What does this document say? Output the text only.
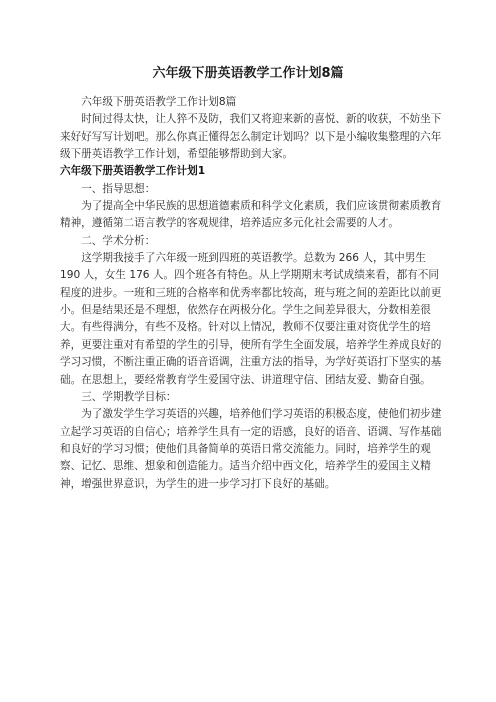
六年级下册英语教学工作计划8篇

六年级下册英语教学工作计划8篇

时间过得太快，让人猝不及防，我们又将迎来新的喜悦、新的收获，不妨坐下来好好写写计划吧。那么你真正懂得怎么制定计划吗？以下是小编收集整理的六年级下册英语教学工作计划，希望能够帮助到大家。

六年级下册英语教学工作计划1

一、指导思想：

为了提高全中华民族的思想道德素质和科学文化素质，我们应该贯彻素质教育精神，遵循第二语言教学的客观规律，培养适应多元化社会需要的人才。

二、学术分析：

这学期我接手了六年级一班到四班的英语教学。总数为 266 人，其中男生 190 人，女生 176 人。四个班各有特色。从上学期期末考试成绩来看，都有不同程度的进步。一班和三班的合格率和优秀率都比较高，班与班之间的差距比以前更小。但是结果还是不理想，依然存在两极分化。学生之间差异很大，分数相差很大。有些得满分，有些不及格。针对以上情况，教师不仅要注重对资优学生的培养，更要注重对有希望的学生的引导，使所有学生全面发展，培养学生养成良好的学习习惯，不断注重正确的语音语调，注重方法的指导，为学好英语打下坚实的基础。在思想上，要经常教育学生爱国守法、讲道理守信、团结友爱、勤奋自强。

三、学期教学目标：

为了激发学生学习英语的兴趣，培养他们学习英语的积极态度，使他们初步建立起学习英语的自信心；培养学生具有一定的语感，良好的语音、语调、写作基础和良好的学习习惯；使他们具备简单的英语日常交流能力。同时，培养学生的观察、记忆、思维、想象和创造能力。适当介绍中西文化，培养学生的爱国主义精神，增强世界意识，为学生的进一步学习打下良好的基础。
